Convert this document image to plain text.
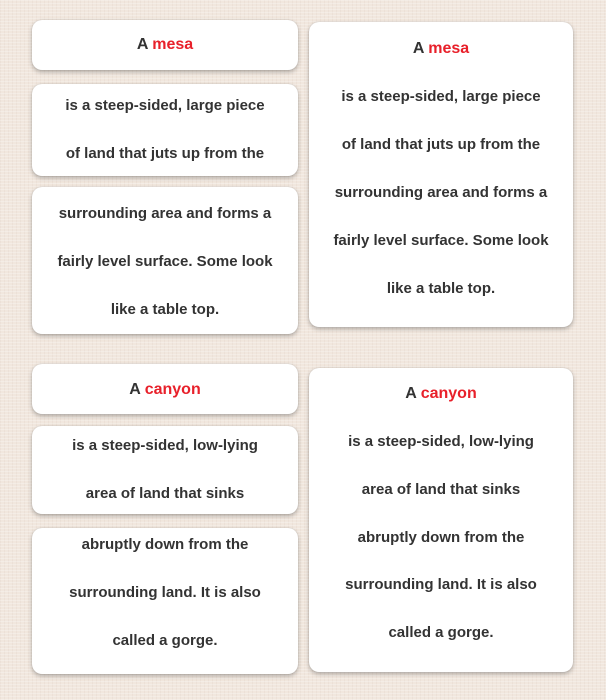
A mesa
is a steep-sided, large piece
of land that juts up from the
surrounding area and forms a
fairly level surface. Some look
like a table top.
A mesa
is a steep-sided, large piece
of land that juts up from the
surrounding area and forms a
fairly level surface. Some look
like a table top.
A canyon
is a steep-sided, low-lying
area of land that sinks
abruptly down from the
surrounding land. It is also
called a gorge.
A canyon
is a steep-sided, low-lying
area of land that sinks
abruptly down from the
surrounding land. It is also
called a gorge.
